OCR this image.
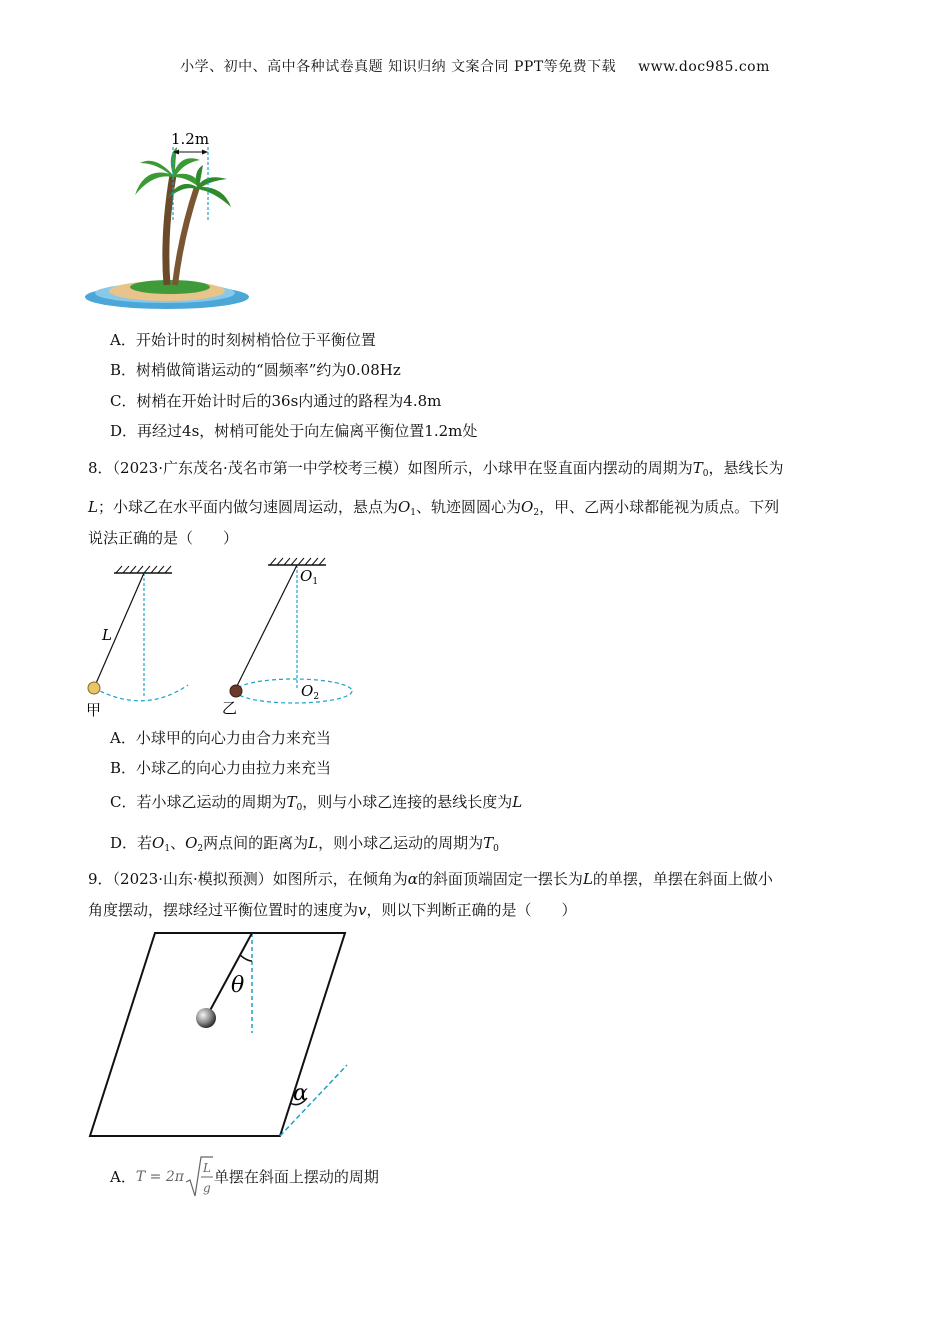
小学、初中、高中各种试卷真题 知识归纳 文案合同 PPT等免费下载 www.doc985.com
1.2m
A．开始计时的时刻树梢恰位于平衡位置
B．树梢做简谐运动的“圆频率”约为0.08Hz
C．树梢在开始计时后的36s内通过的路程为4.8m
D．再经过4s，树梢可能处于向左偏离平衡位置1.2m处
8．（2023·广东茂名·茂名市第一中学校考三模）如图所示，小球甲在竖直面内摆动的周期为$T_0$，悬线长为
L；小球乙在水平面内做匀速圆周运动，悬点为$O_1$、轨迹圆圆心为$O_2$，甲、乙两小球都能视为质点。下列
说法正确的是（　　）
L
甲
$O_1$
$O_2$
乙
A．小球甲的向心力由合力来充当
B．小球乙的向心力由拉力来充当
C．若小球乙运动的周期为$T_0$，则与小球乙连接的悬线长度为L
D．若$O_1$、$O_2$两点间的距离为L，则小球乙运动的周期为$T_0$
9．（2023·山东·模拟预测）如图所示，在倾角为α的斜面顶端固定一摆长为L的单摆，单摆在斜面上做小
角度摆动，摆球经过平衡位置时的速度为v，则以下判断正确的是（　　）
θ
α
A． T = 2π
L
g
单摆在斜面上摆动的周期
